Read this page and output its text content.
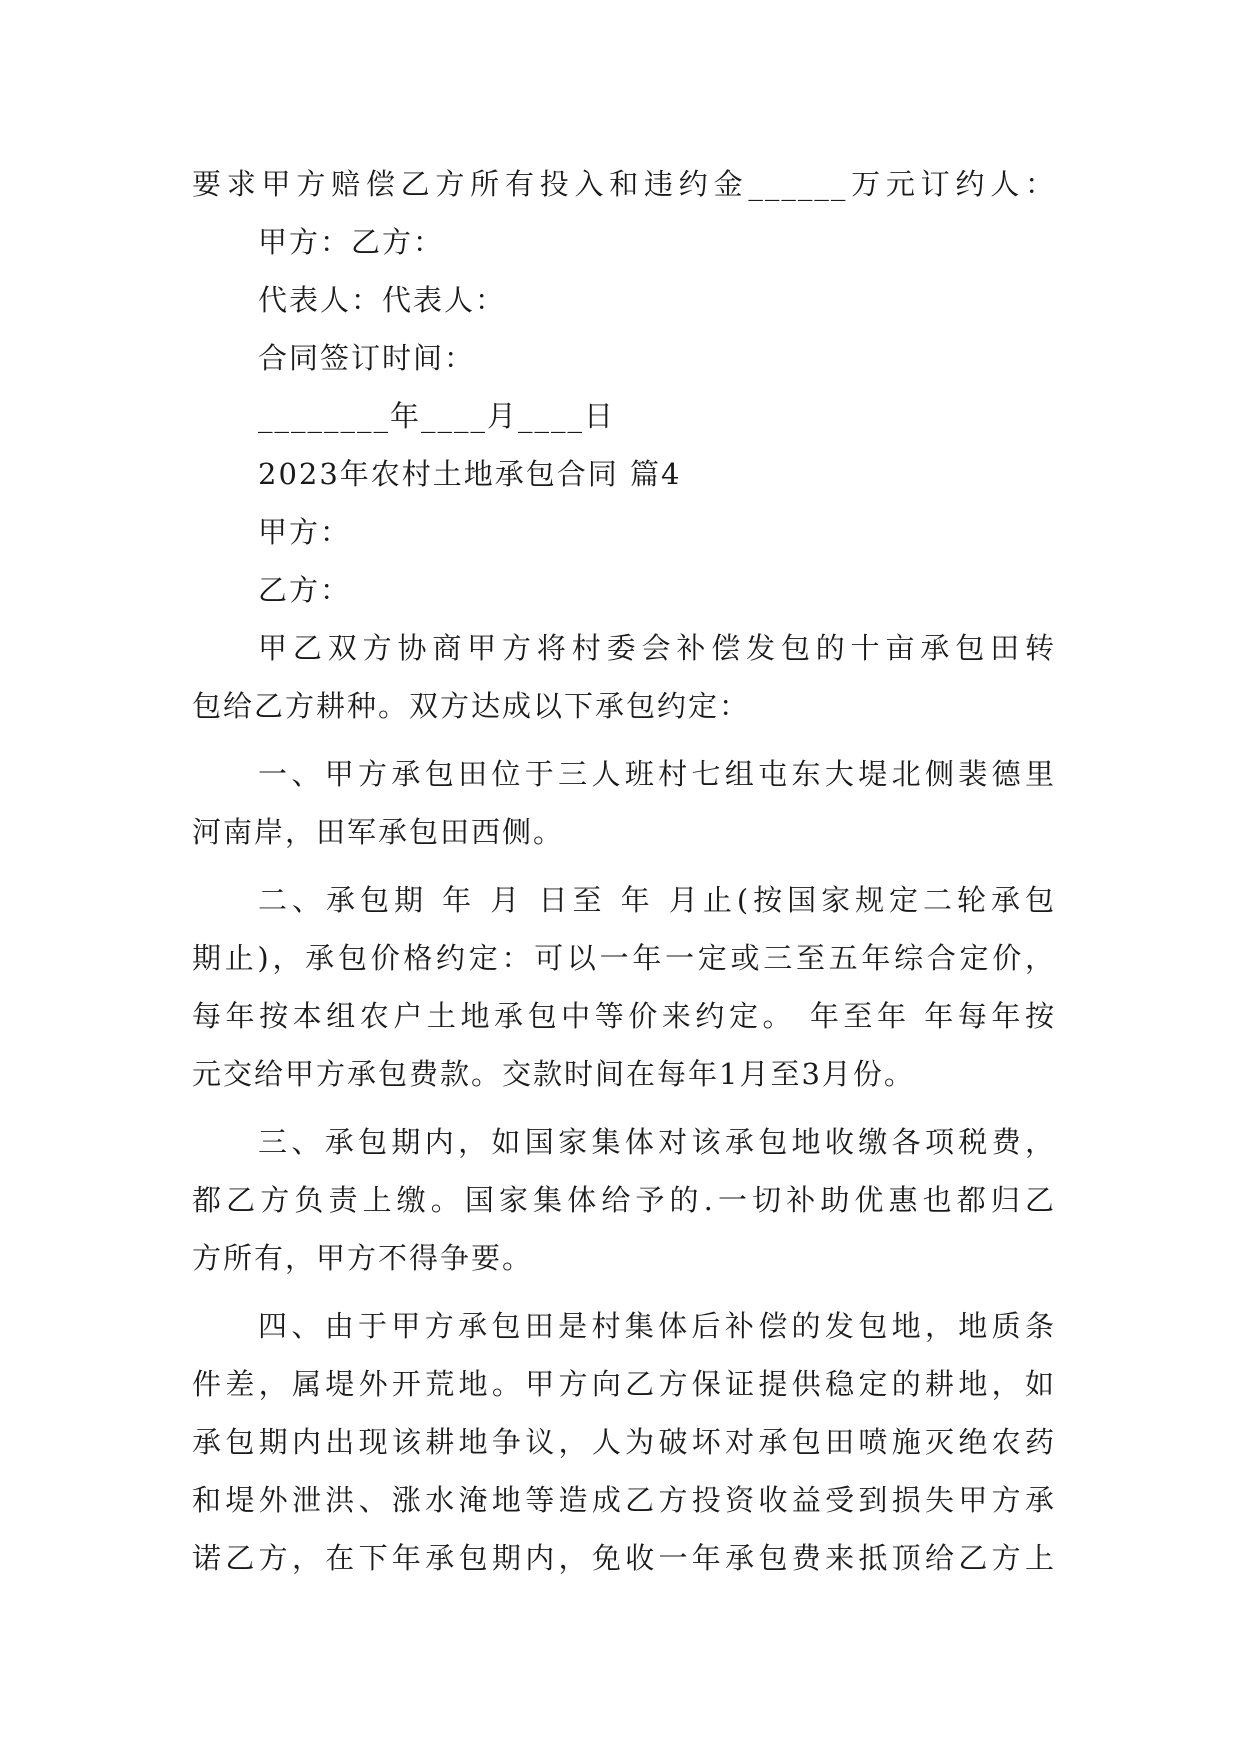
要求甲方赔偿乙方所有投入和违约金______万元订约人：
甲方：乙方：
代表人：代表人：
合同签订时间：
________年____月____日
2023年农村土地承包合同 篇4
甲方：
乙方：
甲乙双方协商甲方将村委会补偿发包的十亩承包田转
包给乙方耕种。双方达成以下承包约定：
一、甲方承包田位于三人班村七组屯东大堤北侧裴德里
河南岸，田军承包田西侧。
二、承包期 年 月 日至 年 月止(按国家规定二轮承包
期止)，承包价格约定：可以一年一定或三至五年综合定价，
每年按本组农户土地承包中等价来约定。 年至年 年每年按
元交给甲方承包费款。交款时间在每年1月至3月份。
三、承包期内，如国家集体对该承包地收缴各项税费，
都乙方负责上缴。国家集体给予的.一切补助优惠也都归乙
方所有，甲方不得争要。
四、由于甲方承包田是村集体后补偿的发包地，地质条
件差，属堤外开荒地。甲方向乙方保证提供稳定的耕地，如
承包期内出现该耕地争议，人为破坏对承包田喷施灭绝农药
和堤外泄洪、涨水淹地等造成乙方投资收益受到损失甲方承
诺乙方，在下年承包期内，免收一年承包费来抵顶给乙方上
